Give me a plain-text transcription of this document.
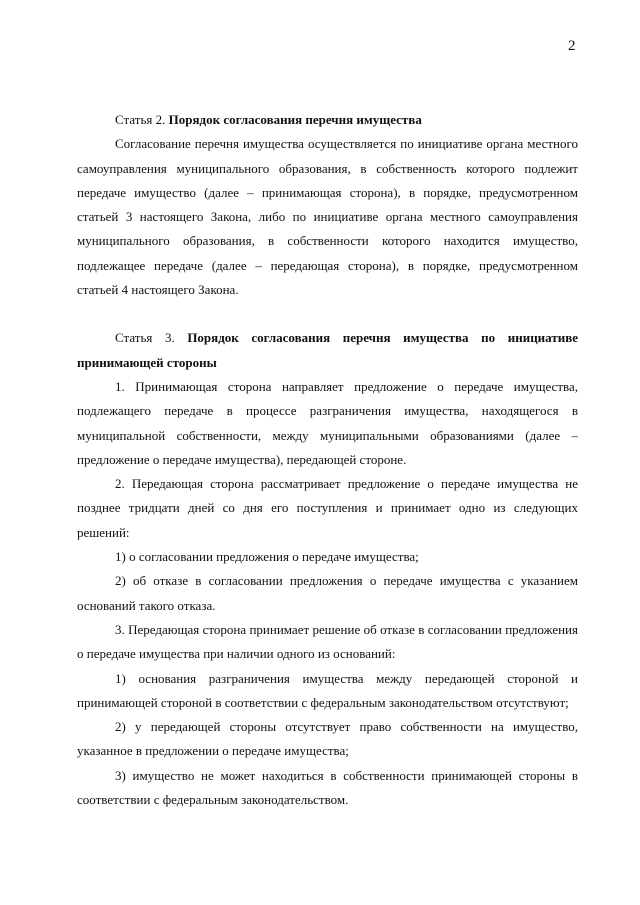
2

Статья 2. Порядок согласования перечня имущества

Согласование перечня имущества осуществляется по инициативе органа местного самоуправления муниципального образования, в собственность которого подлежит передаче имущество (далее – принимающая сторона), в порядке, предусмотренном статьей 3 настоящего Закона, либо по инициативе органа местного самоуправления муниципального образования, в собственности которого находится имущество, подлежащее передаче (далее – передающая сторона), в порядке, предусмотренном статьей 4 настоящего Закона.

Статья 3. Порядок согласования перечня имущества по инициативе принимающей стороны

1. Принимающая сторона направляет предложение о передаче имущества, подлежащего передаче в процессе разграничения имущества, находящегося в муниципальной собственности, между муниципальными образованиями (далее – предложение о передаче имущества), передающей стороне.

2. Передающая сторона рассматривает предложение о передаче имущества не позднее тридцати дней со дня его поступления и принимает одно из следующих решений:

1) о согласовании предложения о передаче имущества;

2) об отказе в согласовании предложения о передаче имущества с указанием оснований такого отказа.

3. Передающая сторона принимает решение об отказе в согласовании предложения о передаче имущества при наличии одного из оснований:

1) основания разграничения имущества между передающей стороной и принимающей стороной в соответствии с федеральным законодательством отсутствуют;

2) у передающей стороны отсутствует право собственности на имущество, указанное в предложении о передаче имущества;

3) имущество не может находиться в собственности принимающей стороны в соответствии с федеральным законодательством.
